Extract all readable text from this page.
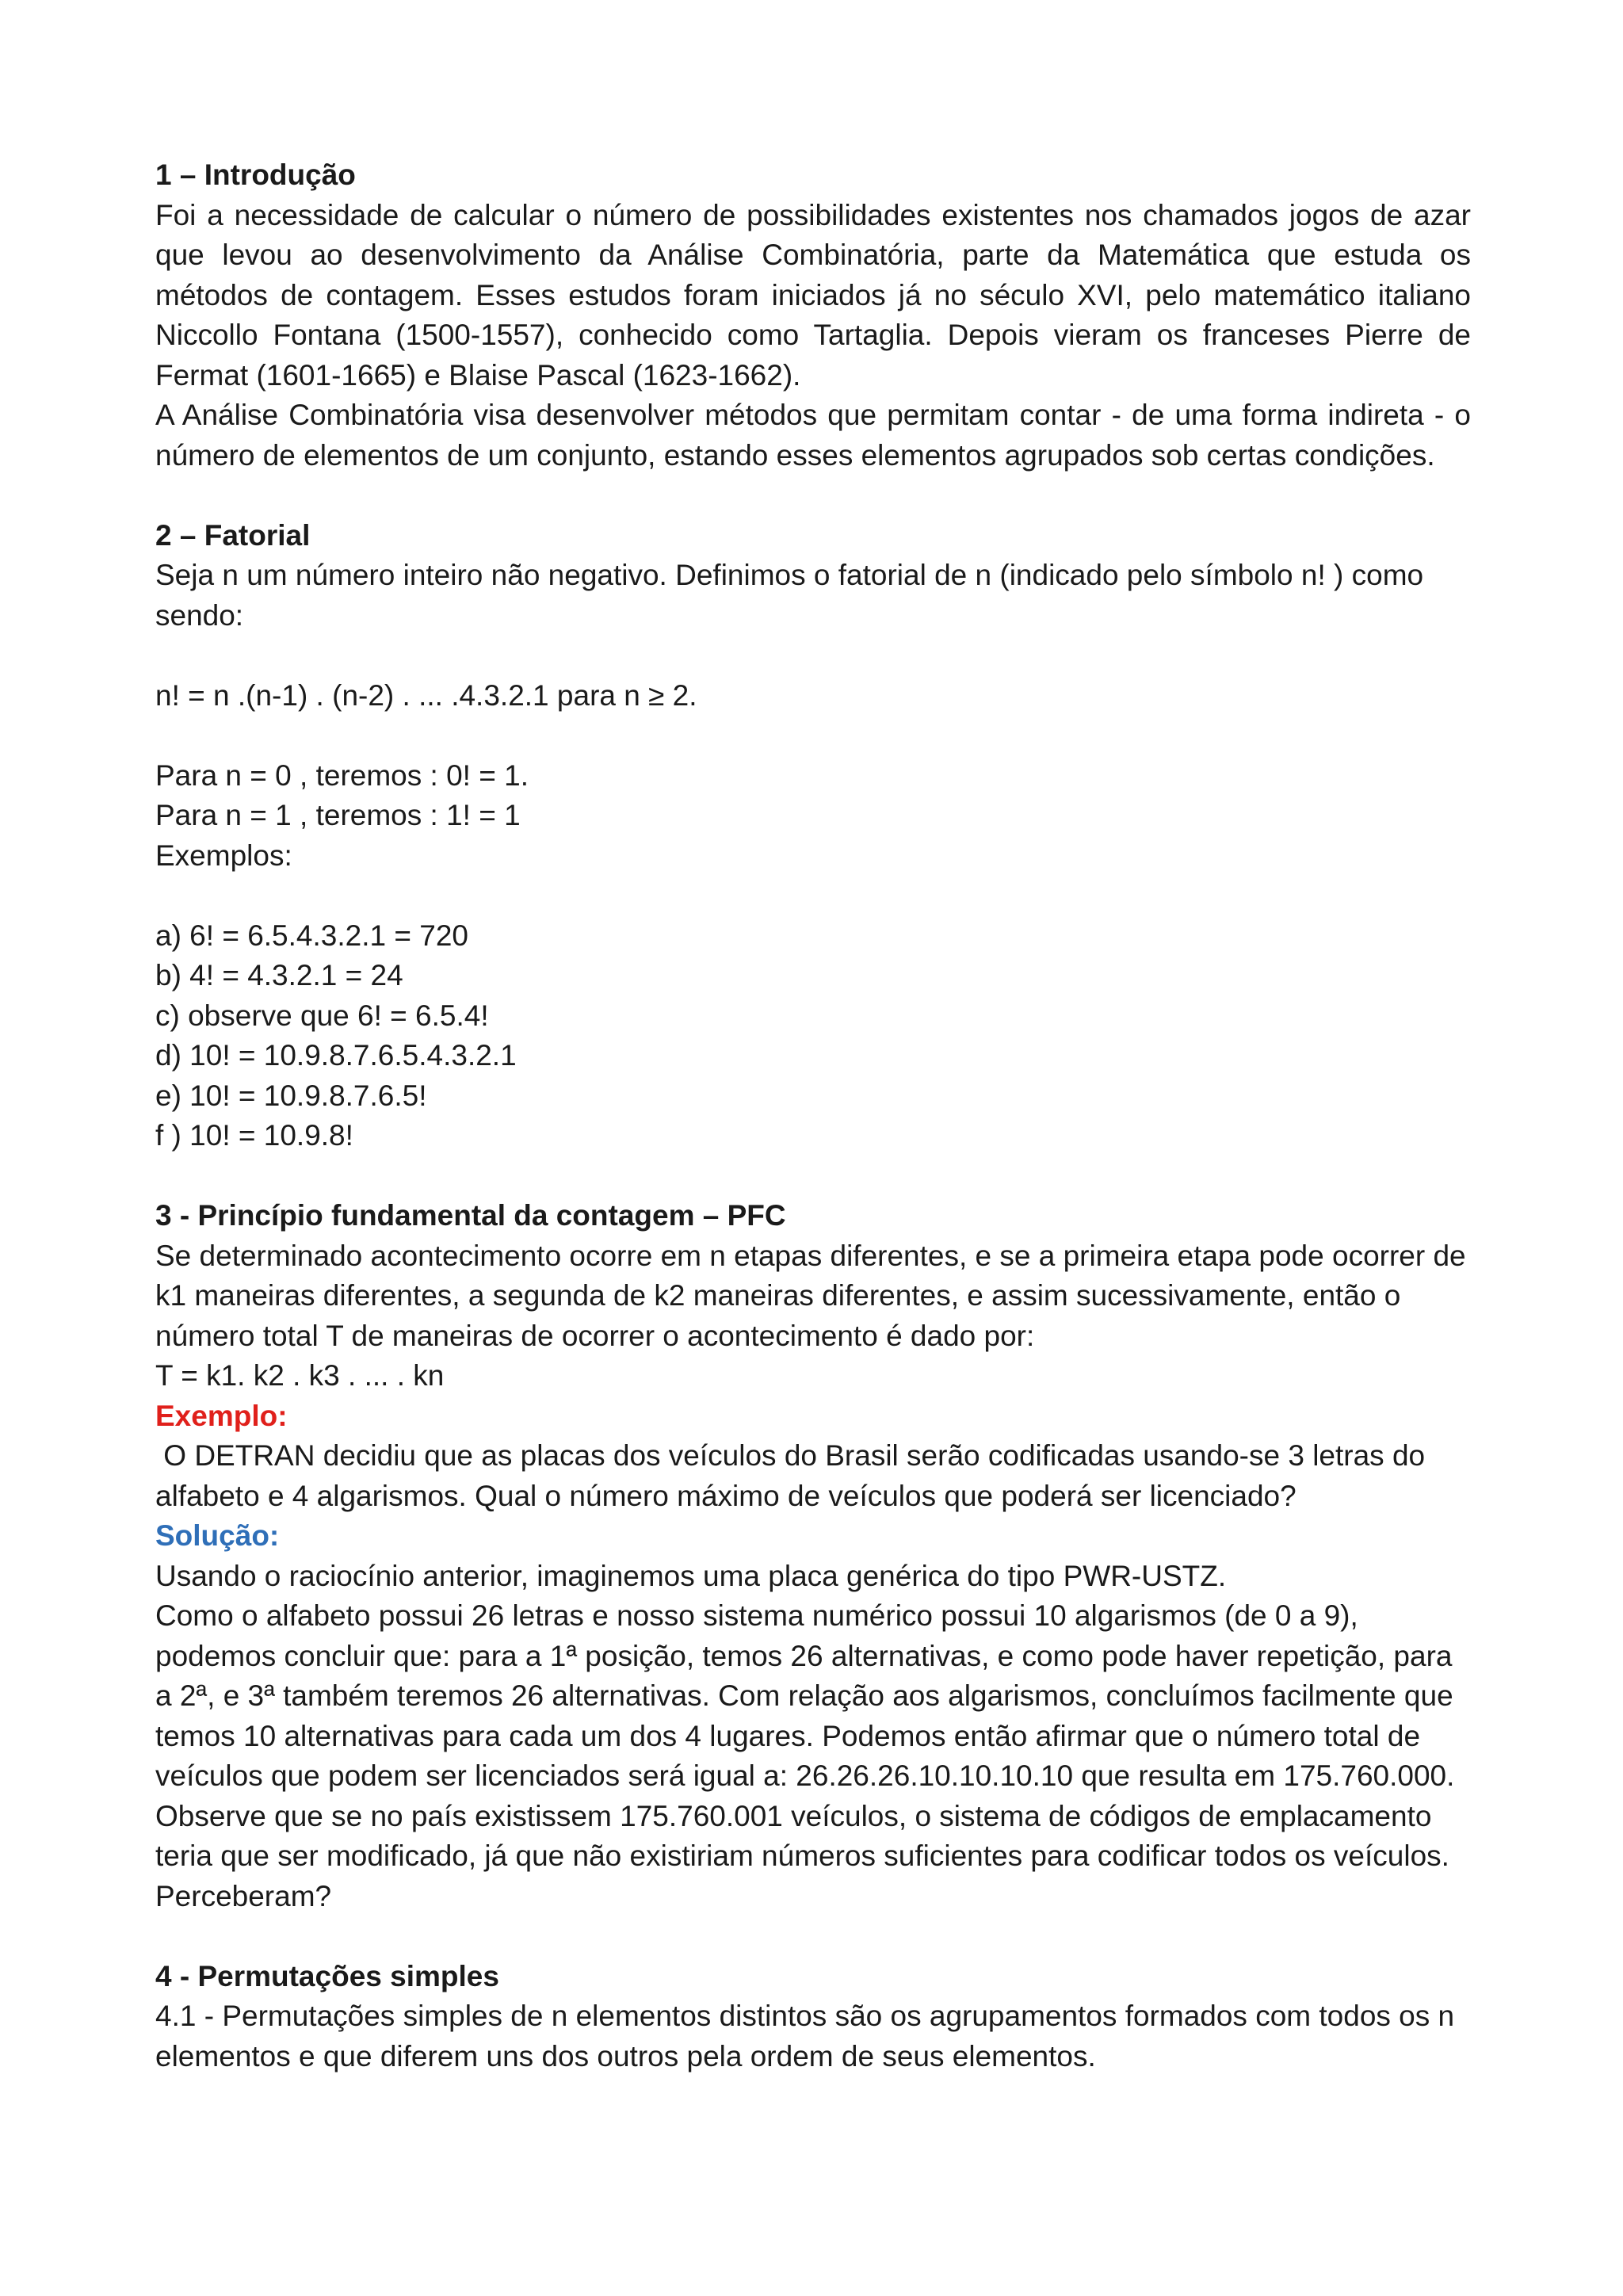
1 – Introdução

Foi a necessidade de calcular o número de possibilidades existentes nos chamados jogos de azar que levou ao desenvolvimento da Análise Combinatória, parte da Matemática que estuda os métodos de contagem. Esses estudos foram iniciados já no século XVI, pelo matemático italiano Niccollo Fontana (1500-1557), conhecido como Tartaglia. Depois vieram os franceses Pierre de Fermat (1601-1665) e Blaise Pascal (1623-1662).

A Análise Combinatória visa desenvolver métodos que permitam contar - de uma forma indireta - o número de elementos de um conjunto, estando esses elementos agrupados sob certas condições.

2 – Fatorial

Seja n um número inteiro não negativo. Definimos o fatorial de n (indicado pelo símbolo n! ) como sendo:

n! = n .(n-1) . (n-2) . ... .4.3.2.1 para n ≥ 2.

Para n = 0 , teremos : 0! = 1.

Para n = 1 , teremos : 1! = 1

Exemplos:

a) 6! = 6.5.4.3.2.1 = 720

b) 4! = 4.3.2.1 = 24

c) observe que 6! = 6.5.4!

d) 10! = 10.9.8.7.6.5.4.3.2.1

e) 10! = 10.9.8.7.6.5!

f ) 10! = 10.9.8!

3 - Princípio fundamental da contagem – PFC

Se determinado acontecimento ocorre em n etapas diferentes, e se a primeira etapa pode ocorrer de k1 maneiras diferentes, a segunda de k2 maneiras diferentes, e assim sucessivamente, então o número total T de maneiras de ocorrer o acontecimento é dado por:

T = k1. k2 . k3 . ... . kn

Exemplo:

O DETRAN decidiu que as placas dos veículos do Brasil serão codificadas usando-se 3 letras do alfabeto e 4 algarismos. Qual o número máximo de veículos que poderá ser licenciado?

Solução:

Usando o raciocínio anterior, imaginemos uma placa genérica do tipo PWR-USTZ.

Como o alfabeto possui 26 letras e nosso sistema numérico possui 10 algarismos (de 0 a 9), podemos concluir que: para a 1ª posição, temos 26 alternativas, e como pode haver repetição, para a 2ª, e 3ª também teremos 26 alternativas. Com relação aos algarismos, concluímos facilmente que temos 10 alternativas para cada um dos 4 lugares. Podemos então afirmar que o número total de veículos que podem ser licenciados será igual a: 26.26.26.10.10.10.10 que resulta em 175.760.000. Observe que se no país existissem 175.760.001 veículos, o sistema de códigos de emplacamento teria que ser modificado, já que não existiriam números suficientes para codificar todos os veículos. Perceberam?

4 - Permutações simples

4.1 - Permutações simples de n elementos distintos são os agrupamentos formados com todos os n elementos e que diferem uns dos outros pela ordem de seus elementos.
